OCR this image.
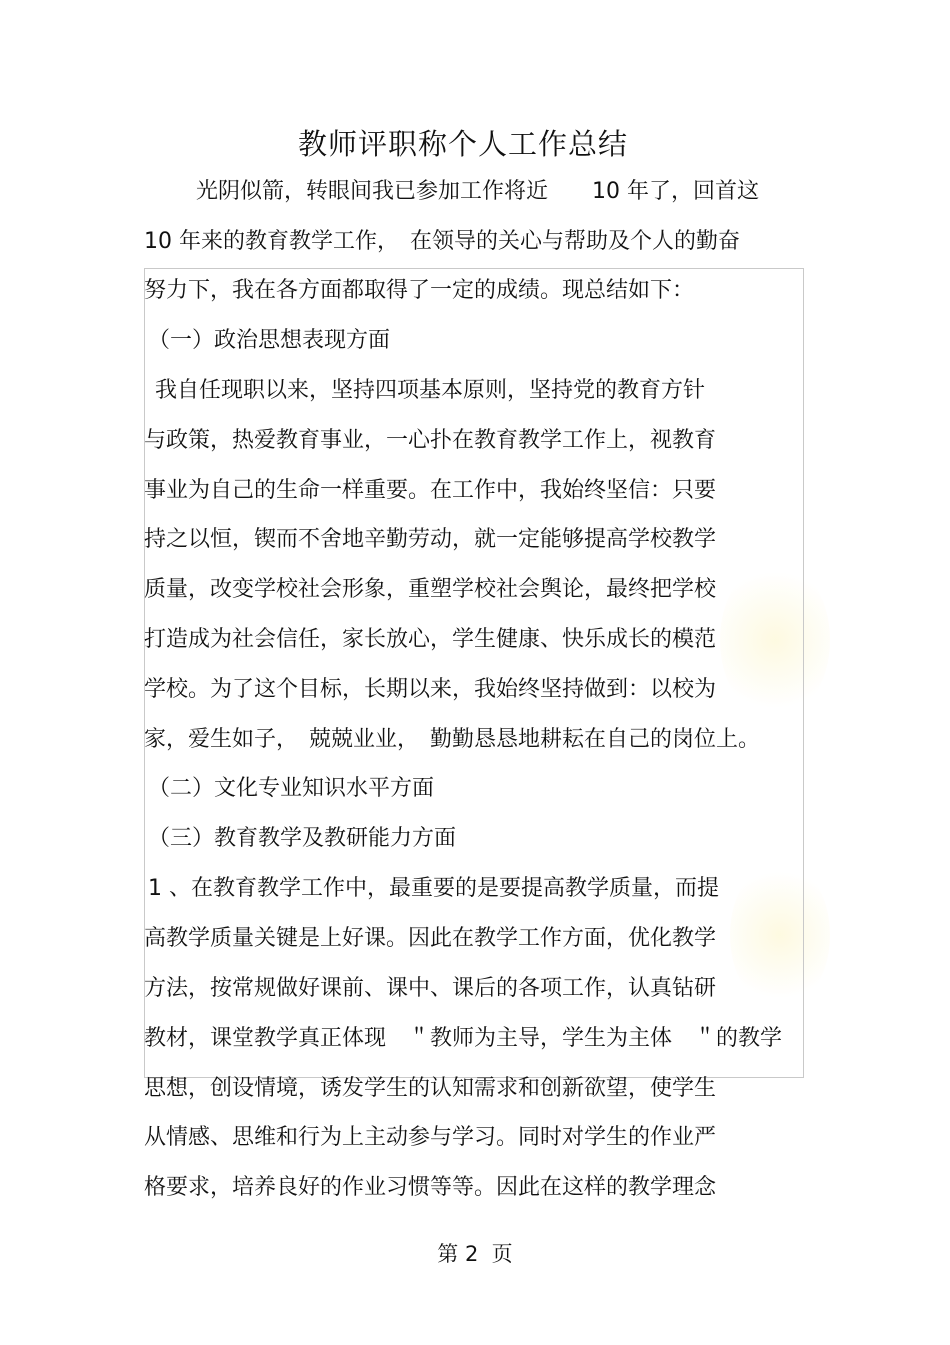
教师评职称个人工作总结
光阴似箭，转眼间我已参加工作将近　　10 年了，回首这
10 年来的教育教学工作，　在领导的关心与帮助及个人的勤奋
努力下，我在各方面都取得了一定的成绩。现总结如下：
（一）政治思想表现方面
我自任现职以来，坚持四项基本原则，坚持党的教育方针
与政策，热爱教育事业，一心扑在教育教学工作上，视教育
事业为自己的生命一样重要。在工作中，我始终坚信：只要
持之以恒，锲而不舍地辛勤劳动，就一定能够提高学校教学
质量，改变学校社会形象，重塑学校社会舆论，最终把学校
打造成为社会信任，家长放心，学生健康、快乐成长的模范
学校。为了这个目标，长期以来，我始终坚持做到：以校为
家，爱生如子，　兢兢业业，　勤勤恳恳地耕耘在自己的岗位上。
（二）文化专业知识水平方面
（三）教育教学及教研能力方面
1 、在教育教学工作中，最重要的是要提高教学质量，而提
高教学质量关键是上好课。因此在教学工作方面，优化教学
方法，按常规做好课前、课中、课后的各项工作，认真钻研
教材，课堂教学真正体现　＂教师为主导，学生为主体　＂的教学
思想，创设情境，诱发学生的认知需求和创新欲望，使学生
从情感、思维和行为上主动参与学习。同时对学生的作业严
格要求，培养良好的作业习惯等等。因此在这样的教学理念
第 2  页
